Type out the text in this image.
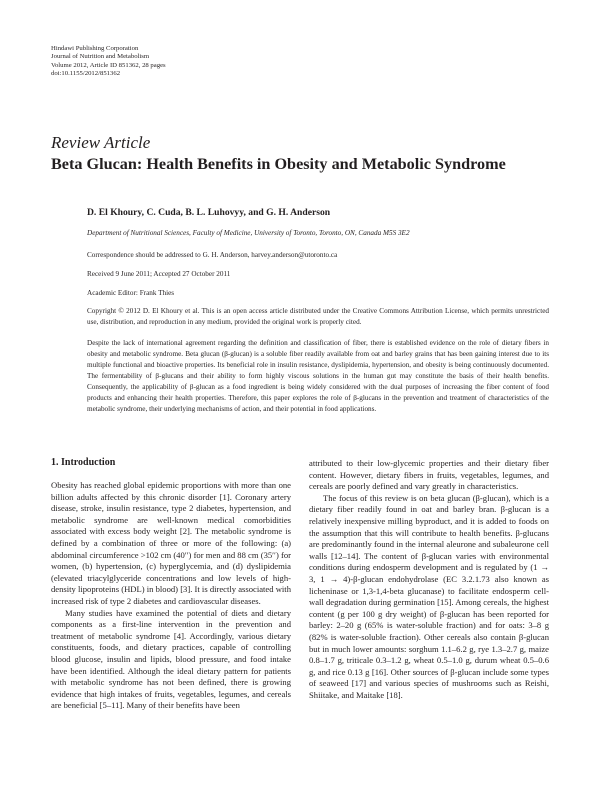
Hindawi Publishing Corporation
Journal of Nutrition and Metabolism
Volume 2012, Article ID 851362, 28 pages
doi:10.1155/2012/851362
Review Article
Beta Glucan: Health Benefits in Obesity and Metabolic Syndrome
D. El Khoury, C. Cuda, B. L. Luhovyy, and G. H. Anderson
Department of Nutritional Sciences, Faculty of Medicine, University of Toronto, Toronto, ON, Canada M5S 3E2
Correspondence should be addressed to G. H. Anderson, harvey.anderson@utoronto.ca
Received 9 June 2011; Accepted 27 October 2011
Academic Editor: Frank Thies
Copyright © 2012 D. El Khoury et al. This is an open access article distributed under the Creative Commons Attribution License, which permits unrestricted use, distribution, and reproduction in any medium, provided the original work is properly cited.
Despite the lack of international agreement regarding the definition and classification of fiber, there is established evidence on the role of dietary fibers in obesity and metabolic syndrome. Beta glucan (β-glucan) is a soluble fiber readily available from oat and barley grains that has been gaining interest due to its multiple functional and bioactive properties. Its beneficial role in insulin resistance, dyslipidemia, hypertension, and obesity is being continuously documented. The fermentability of β-glucans and their ability to form highly viscous solutions in the human gut may constitute the basis of their health benefits. Consequently, the applicability of β-glucan as a food ingredient is being widely considered with the dual purposes of increasing the fiber content of food products and enhancing their health properties. Therefore, this paper explores the role of β-glucans in the prevention and treatment of characteristics of the metabolic syndrome, their underlying mechanisms of action, and their potential in food applications.
1. Introduction

Obesity has reached global epidemic proportions with more than one billion adults affected by this chronic disorder [1]. Coronary artery disease, stroke, insulin resistance, type 2 diabetes, hypertension, and metabolic syndrome are well-known medical comorbidities associated with excess body weight [2]. The metabolic syndrome is defined by a combination of three or more of the following: (a) abdominal circumference >102 cm (40′′) for men and 88 cm (35′′) for women, (b) hypertension, (c) hyperglycemia, and (d) dyslipidemia (elevated triacylglyceride concentrations and low levels of high-density lipoproteins (HDL) in blood) [3]. It is directly associated with increased risk of type 2 diabetes and cardiovascular diseases.

Many studies have examined the potential of diets and dietary components as a first-line intervention in the prevention and treatment of metabolic syndrome [4]. Accordingly, various dietary constituents, foods, and dietary practices, capable of controlling blood glucose, insulin and lipids, blood pressure, and food intake have been identified. Although the ideal dietary pattern for patients with metabolic syndrome has not been defined, there is growing evidence that high intakes of fruits, vegetables, legumes, and cereals are beneficial [5–11]. Many of their benefits have been

attributed to their low-glycemic properties and their dietary fiber content. However, dietary fibers in fruits, vegetables, legumes, and cereals are poorly defined and vary greatly in characteristics.

The focus of this review is on beta glucan (β-glucan), which is a dietary fiber readily found in oat and barley bran. β-glucan is a relatively inexpensive milling byproduct, and it is added to foods on the assumption that this will contribute to health benefits. β-glucans are predominantly found in the internal aleurone and subaleurone cell walls [12–14]. The content of β-glucan varies with environmental conditions during endosperm development and is regulated by (1 → 3, 1 → 4)-β-glucan endohydrolase (EC 3.2.1.73 also known as licheninase or 1,3-1,4-beta glucanase) to facilitate endosperm cell-wall degradation during germination [15]. Among cereals, the highest content (g per 100 g dry weight) of β-glucan has been reported for barley: 2–20 g (65% is water-soluble fraction) and for oats: 3–8 g (82% is water-soluble fraction). Other cereals also contain β-glucan but in much lower amounts: sorghum 1.1–6.2 g, rye 1.3–2.7 g, maize 0.8–1.7 g, triticale 0.3–1.2 g, wheat 0.5–1.0 g, durum wheat 0.5–0.6 g, and rice 0.13 g [16]. Other sources of β-glucan include some types of seaweed [17] and various species of mushrooms such as Reishi, Shiitake, and Maitake [18].
